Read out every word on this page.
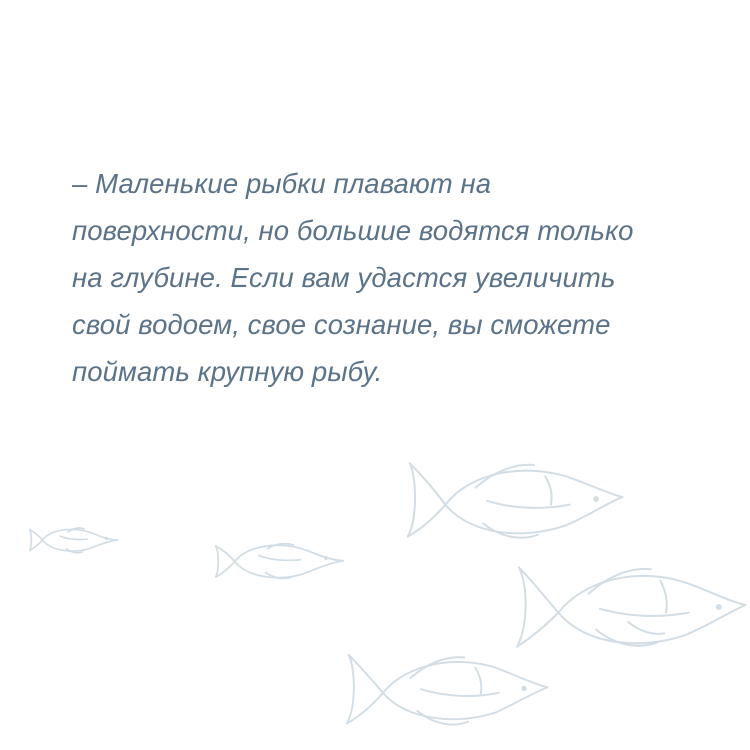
– Маленькие рыбки плавают на поверхности, но большие водятся только на глубине. Если вам удастся увеличить свой водоем, свое сознание, вы сможете поймать крупную рыбу.
